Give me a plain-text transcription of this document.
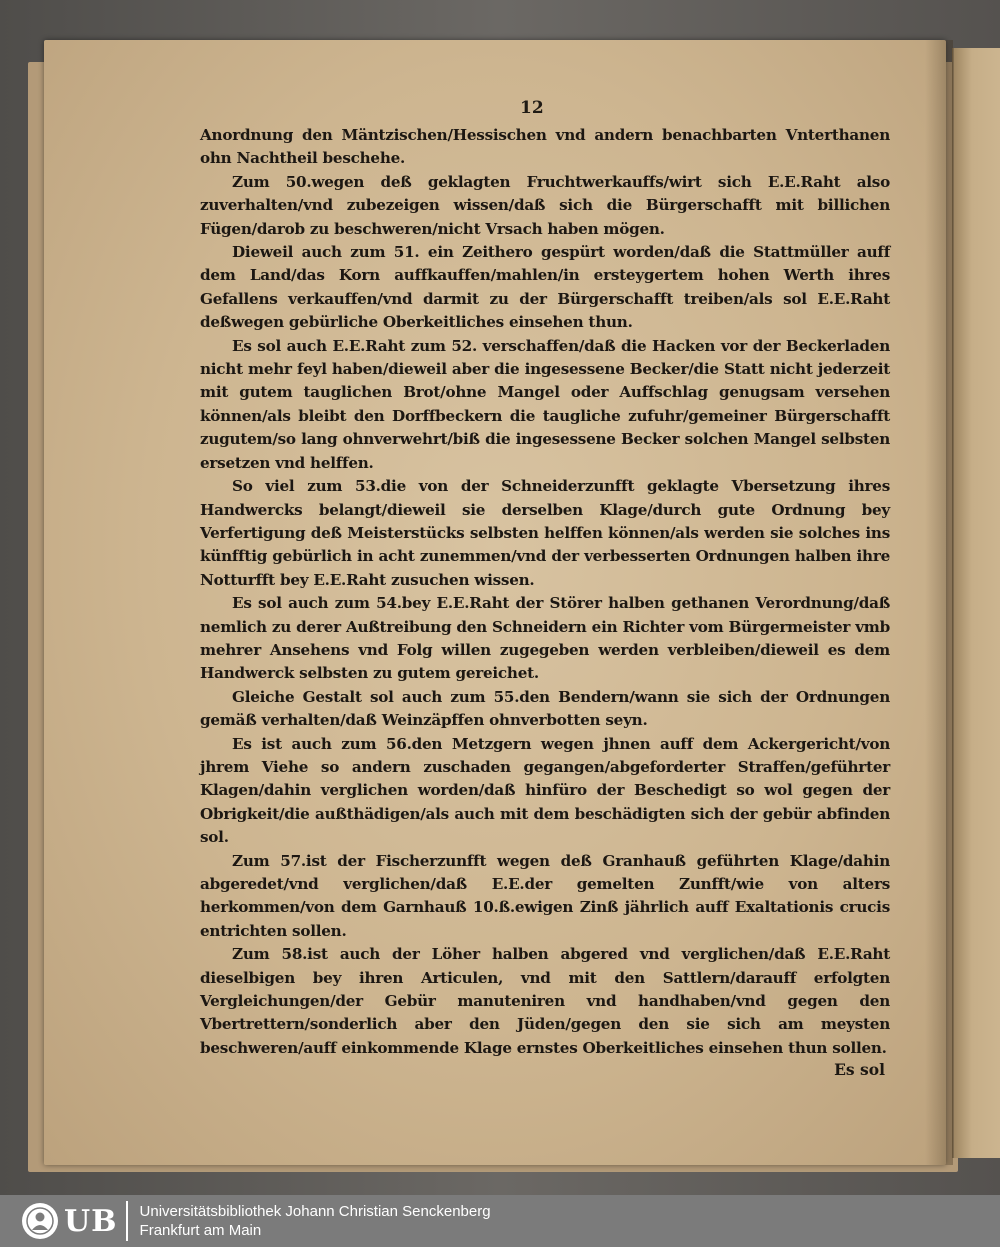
12

Anordnung den Mäntzischen/Hessischen vnd andern benachbarten Vnterthanen ohn Nachtheil beschehe.

Zum 50.wegen deß geklagten Fruchtwerkauffs/wirt sich E.E.Raht also zuverhalten/vnd zubezeigen wissen/daß sich die Bürgerschafft mit billichen Fügen/darob zu beschweren/nicht Vrsach haben mögen.

Dieweil auch zum 51. ein Zeithero gespürt worden/daß die Stattmüller auff dem Land/das Korn auffkauffen/mahlen/in ersteygertem hohen Werth ihres Gefallens verkauffen/vnd darmit zu der Bürgerschafft treiben/als sol E.E.Raht deßwegen gebürliche Oberkeitliches einsehen thun.

Es sol auch E.E.Raht zum 52. verschaffen/daß die Hacken vor der Beckerladen nicht mehr feyl haben/dieweil aber die ingesessene Becker/die Statt nicht jederzeit mit gutem tauglichen Brot/ohne Mangel oder Auffschlag genugsam versehen können/als bleibt den Dorffbeckern die taugliche zufuhr/gemeiner Bürgerschafft zugutem/so lang ohnverwehrt/biß die ingesessene Becker solchen Mangel selbsten ersetzen vnd helffen.

So viel zum 53.die von der Schneiderzunfft geklagte Vbersetzung ihres Handwercks belangt/dieweil sie derselben Klage/durch gute Ordnung bey Verfertigung deß Meisterstücks selbsten helffen können/als werden sie solches ins künfftig gebürlich in acht zunemmen/vnd der verbesserten Ordnungen halben ihre Notturfft bey E.E.Raht zusuchen wissen.

Es sol auch zum 54.bey E.E.Raht der Störer halben gethanen Verordnung/daß nemlich zu derer Außtreibung den Schneidern ein Richter vom Bürgermeister vmb mehrer Ansehens vnd Folg willen zugegeben werden verbleiben/dieweil es dem Handwerck selbsten zu gutem gereichet.

Gleiche Gestalt sol auch zum 55.den Bendern/wann sie sich der Ordnungen gemäß verhalten/daß Weinzäpffen ohnverbotten seyn.

Es ist auch zum 56.den Metzgern wegen jhnen auff dem Ackergericht/von jhrem Viehe so andern zuschaden gegangen/abgeforderter Straffen/geführter Klagen/dahin verglichen worden/daß hinfüro der Beschedigt so wol gegen der Obrigkeit/die außthädigen/als auch mit dem beschädigten sich der gebür abfinden sol.

Zum 57.ist der Fischerzunfft wegen deß Granhauß geführten Klage/dahin abgeredet/vnd verglichen/daß E.E.der gemelten Zunfft/wie von alters herkommen/von dem Garnhauß 10.ß.ewigen Zinß jährlich auff Exaltationis crucis entrichten sollen.

Zum 58.ist auch der Löher halben abgered vnd verglichen/daß E.E.Raht dieselbigen bey ihren Articulen, vnd mit den Sattlern/darauff erfolgten Vergleichungen/der Gebür manuteniren vnd handhaben/vnd gegen den Vbertrettern/sonderlich aber den Jüden/gegen den sie sich am meysten beschweren/auff einkommende Klage ernstes Oberkeitliches einsehen thun sollen.

Es sol
UB Universitätsbibliothek Johann Christian Senckenberg
Frankfurt am Main
